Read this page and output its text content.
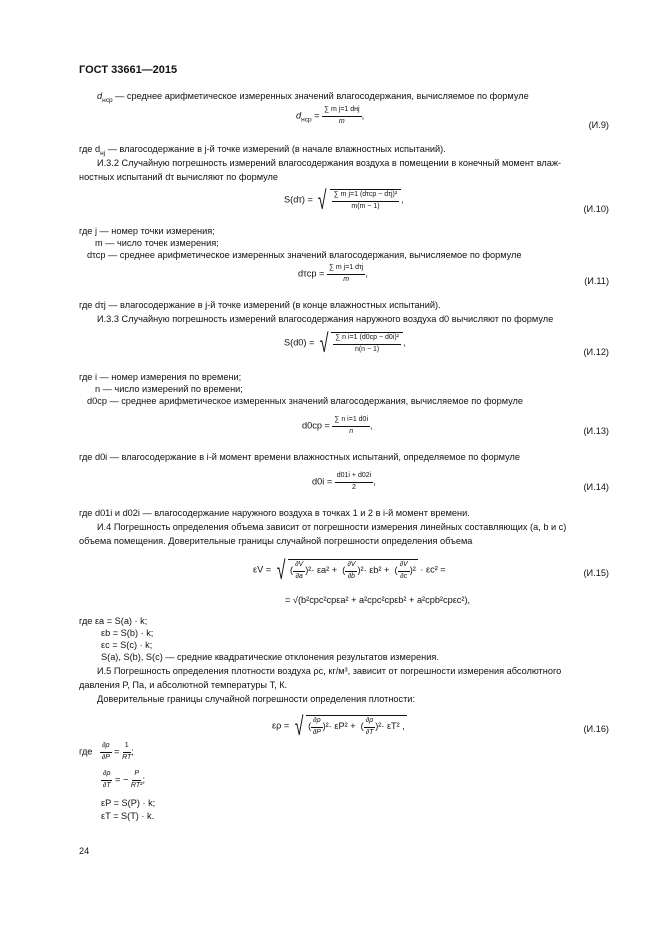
ГОСТ 33661—2015
$d_{нср}$ — среднее арифметическое измеренных значений влагосодержания, вычисляемое по формуле
$d_{нср} = \frac{\text{∑ m j=1 dнj}}{m}$ ,
(И.9)
где $d_{нj}$ — влагосодержание в j-й точке измерений (в начале влажностных испытаний).
И.3.2 Случайную погрешность измерений влагосодержания воздуха в помещении в конечный момент влаж-
ностных испытаний dτ вычисляют по формуле
S(dτ) = √ $\frac{\text{∑ m j=1 (dτср − dτj)²}}{m(m - 1)}$ ,
(И.10)
где j — номер точки измерения;
m — число точек измерения;
dτср — среднее арифметическое измеренных значений влагосодержания, вычисляемое по формуле
$d\tau ср = \frac{\text{∑ m j=1 dτj}}{m}$ ,
(И.11)
где dτj — влагосодержание в j-й точке измерений (в конце влажностных испытаний).
И.3.3 Случайную погрешность измерений влагосодержания наружного воздуха d0 вычисляют по формуле
S(d0) = √ $\frac{\text{∑ n i=1 (d0ср − d0i)²}}{n(n - 1)}$ ,
(И.12)
где i — номер измерения по времени;
n — число измерений по времени;
d0ср — среднее арифметическое измеренных значений влагосодержания, вычисляемое по формуле
$d0ср = \frac{\text{∑ n i=1 d0i}}{n}$ ,
(И.13)
где d0i — влагосодержание в i-й момент времени влажностных испытаний, определяемое по формуле
$d0i = \frac{d01i + d02i}{2}$ ,
(И.14)
где d01i и d02i — влагосодержание наружного воздуха в точках 1 и 2 в i-й момент времени.
И.4 Погрешность определения объема зависит от погрешности измерения линейных составляющих (a, b и c)
объема помещения. Доверительные границы случайной погрешности определения объема
εV = √ ( $\frac{\partial V}{\partial a} )^2 \cdot \varepsilon a^2$ +  ( $\frac{\partial V}{\partial b} )^2 \cdot \varepsilon b^2$ +  ( $\frac{\partial V}{\partial c} )^2 \cdot \varepsilon c^2$ =	(И.15)
= √(b²срc²срεa² + a²срc²срεb² + a²срb²срεc²),
где εa = S(a) · k;
εb = S(b) · k;
εc = S(c) · k;
S(a), S(b), S(c) — средние квадратические отклонения результатов измерения.
И.5 Погрешность определения плотности воздуха ρc, кг/м³, зависит от погрешности измерения абсолютного
давления P, Па, и абсолютной температуры T, К.
Доверительные границы случайной погрешности определения плотности:
ερ = √ ( $\frac{\partial\rho}{\partial P} )^2 \cdot \varepsilon P^2$ + ( $\frac{\partial\rho}{\partial T} )^2 \cdot \varepsilon T^2$ ,	(И.16)
где $\frac{\partial\rho}{\partial P} = \frac{1}{RT}$ ;
$\frac{\partial\rho}{\partial T}$ = − $\frac{P}{\text{RT²}}$ ;
εP = S(P) · k;
εT = S(T) · k.
24
